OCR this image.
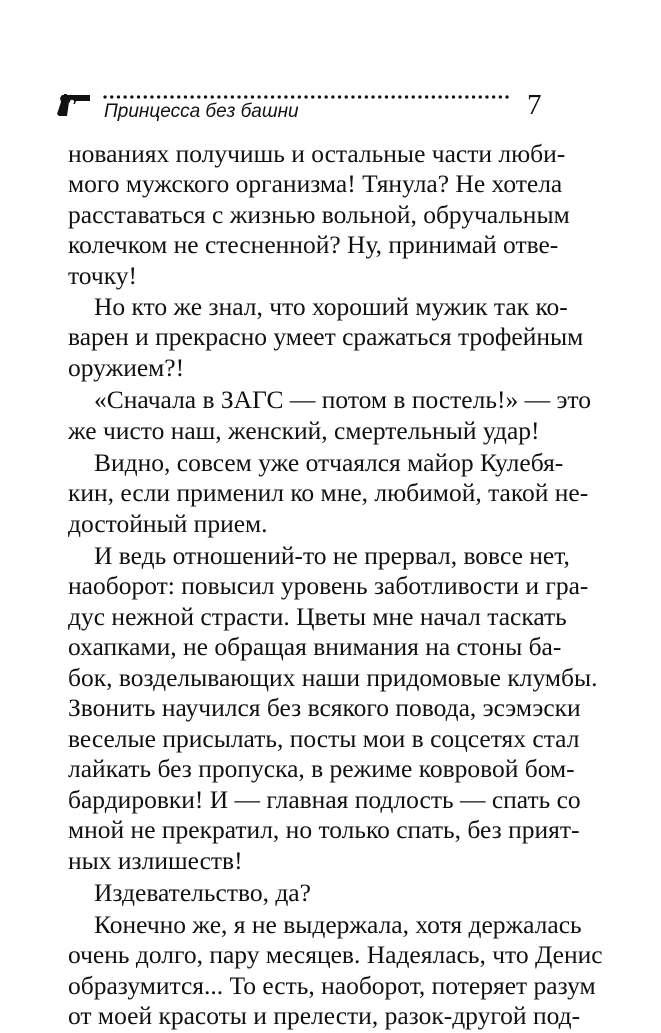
Принцесса без башни	7
нованиях получишь и остальные части люби-
мого мужского организма! Тянула? Не хотела
расставаться с жизнью вольной, обручальным
колечком не стесненной? Ну, принимай отве-
точку!
Но кто же знал, что хороший мужик так ко-
варен и прекрасно умеет сражаться трофейным
оружием?!
«Сначала в ЗАГС — потом в постель!» — это
же чисто наш, женский, смертельный удар!
Видно, совсем уже отчаялся майор Кулебя-
кин, если применил ко мне, любимой, такой не-
достойный прием.
И ведь отношений-то не прервал, вовсе нет,
наоборот: повысил уровень заботливости и гра-
дус нежной страсти. Цветы мне начал таскать
охапками, не обращая внимания на стоны ба-
бок, возделывающих наши придомовые клумбы.
Звонить научился без всякого повода, эсэмэски
веселые присылать, посты мои в соцсетях стал
лайкать без пропуска, в режиме ковровой бом-
бардировки! И — главная подлость — спать со
мной не прекратил, но только спать, без прият-
ных излишеств!
Издевательство, да?
Конечно же, я не выдержала, хотя держалась
очень долго, пару месяцев. Надеялась, что Денис
образумится... То есть, наоборот, потеряет разум
от моей красоты и прелести, разок-другой под-
